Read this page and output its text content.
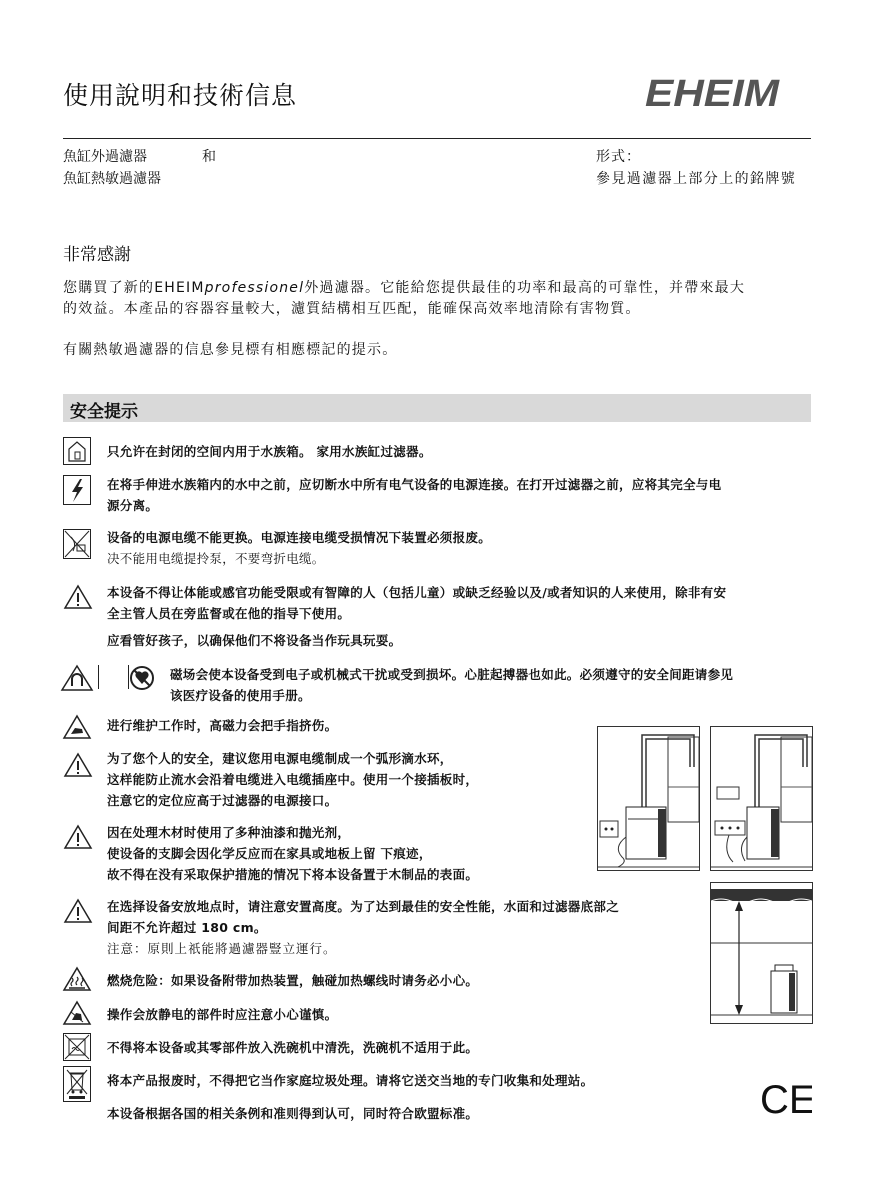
使用說明和技術信息	EHEIM
魚缸外過濾器	和
魚缸熱敏過濾器
形式：
參見過濾器上部分上的銘牌號
非常感謝
您購買了新的EHEIMprofessionel外過濾器。它能給您提供最佳的功率和最高的可靠性，并帶來最大
的效益。本產品的容器容量較大，濾質結構相互匹配，能確保高效率地清除有害物質。
有關熱敏過濾器的信息參見標有相應標記的提示。
安全提示
只允许在封闭的空间内用于水族箱。 家用水族缸过滤器。
在将手伸进水族箱内的水中之前，应切断水中所有电气设备的电源连接。在打开过滤器之前，应将其完全与电
源分离。
设备的电源电缆不能更换。电源连接电缆受损情况下装置必须报废。
决不能用电缆提拎泵，不要弯折电缆。
本设备不得让体能或感官功能受限或有智障的人（包括儿童）或缺乏经验以及/或者知识的人来使用，除非有安
全主管人员在旁监督或在他的指导下使用。
应看管好孩子，以确保他们不将设备当作玩具玩耍。
磁场会使本设备受到电子或机械式干扰或受到损坏。心脏起搏器也如此。必须遵守的安全间距请参见
该医疗设备的使用手册。
进行维护工作时，高磁力会把手指挤伤。
为了您个人的安全，建议您用电源电缆制成一个弧形滴水环，
这样能防止流水会沿着电缆进入电缆插座中。使用一个接插板时，
注意它的定位应高于过滤器的电源接口。
因在处理木材时使用了多种油漆和抛光剂，
使设备的支脚会因化学反应而在家具或地板上留 下痕迹，
故不得在没有采取保护措施的情况下将本设备置于木制品的表面。
在选择设备安放地点时，请注意安置高度。为了达到最佳的安全性能，水面和过滤器底部之
间距不允许超过 180 cm。
注意：原則上祇能將過濾器豎立運行。
燃烧危险：如果设备附带加热装置，触碰加热螺线时请务必小心。
操作会放静电的部件时应注意小心谨慎。
不得将本设备或其零部件放入洗碗机中清洗，洗碗机不适用于此。
将本产品报废时，不得把它当作家庭垃圾处理。请将它送交当地的专门收集和处理站。
本设备根据各国的相关条例和准则得到认可，同时符合欧盟标准。	CE
